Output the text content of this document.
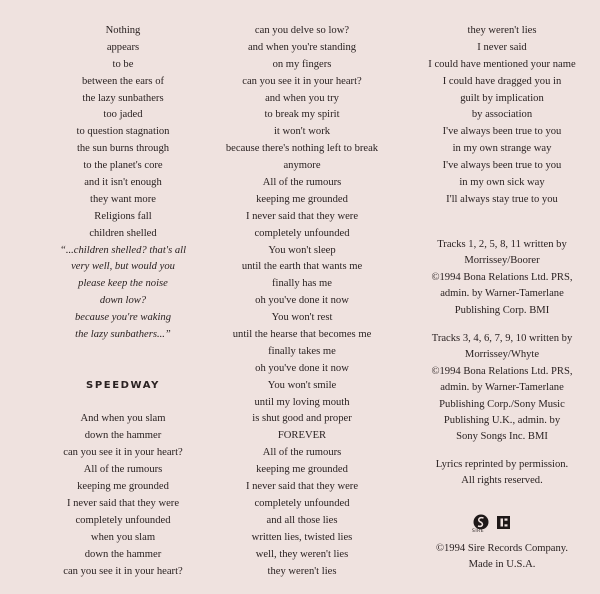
Nothing
appears
to be
between the ears of
the lazy sunbathers
too jaded
to question stagnation
the sun burns through
to the planet's core
and it isn't enough
they want more
Religions fall
children shelled
“...children shelled? that's all
very well, but would you
please keep the noise
down low?
because you're waking
the lazy sunbathers...”
SPEEDWAY
And when you slam
down the hammer
can you see it in your heart?
All of the rumours
keeping me grounded
I never said that they were
completely unfounded
when you slam
down the hammer
can you see it in your heart?
can you delve so low?
and when you're standing
on my fingers
can you see it in your heart?
and when you try
to break my spirit
it won't work
because there's nothing left to break
anymore
All of the rumours
keeping me grounded
I never said that they were
completely unfounded
You won't sleep
until the earth that wants me
finally has me
oh you've done it now
You won't rest
until the hearse that becomes me
finally takes me
oh you've done it now
You won't smile
until my loving mouth
is shut good and proper
FOREVER
All of the rumours
keeping me grounded
I never said that they were
completely unfounded
and all those lies
written lies, twisted lies
well, they weren't lies
they weren't lies
they weren't lies
I never said
I could have mentioned your name
I could have dragged you in
guilt by implication
by association
I've always been true to you
in my own strange way
I've always been true to you
in my own sick way
I'll always stay true to you
Tracks 1, 2, 5, 8, 11 written by
Morrissey/Boorer
©1994 Bona Relations Ltd. PRS,
admin. by Warner-Tamerlane
Publishing Corp. BMI
Tracks 3, 4, 6, 7, 9, 10 written by
Morrissey/Whyte
©1994 Bona Relations Ltd. PRS,
admin. by Warner-Tamerlane
Publishing Corp./Sony Music
Publishing U.K., admin. by
Sony Songs Inc. BMI
Lyrics reprinted by permission.
All rights reserved.
SIRE
©1994 Sire Records Company.
Made in U.S.A.
